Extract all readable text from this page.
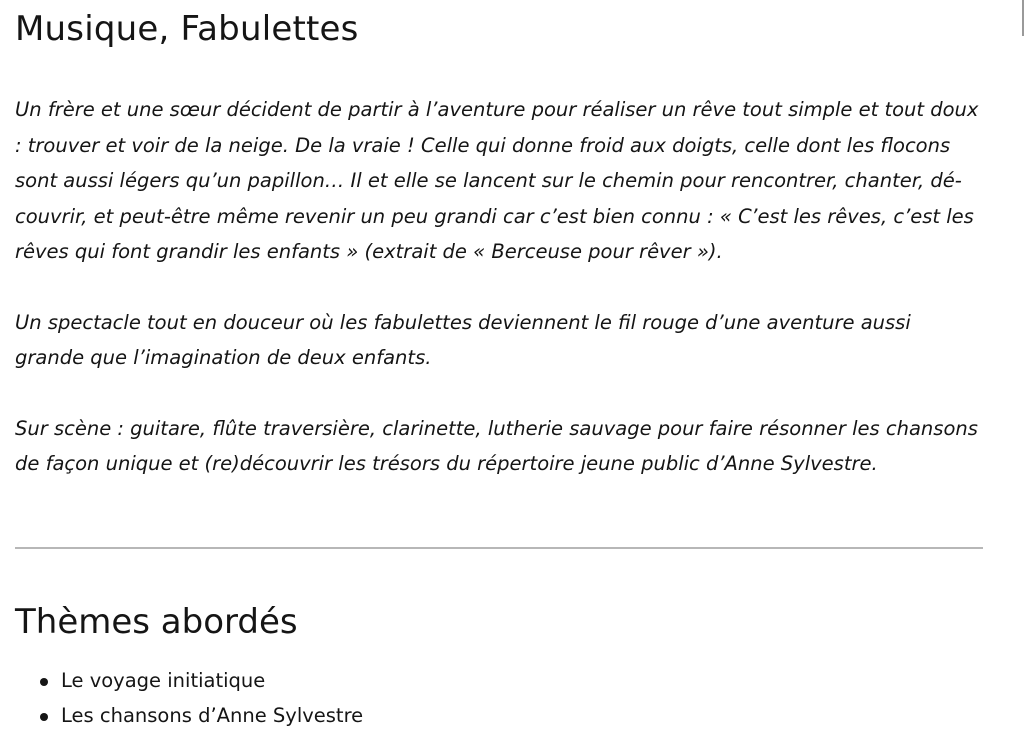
Musique, Fabulettes

Un frère et une sœur décident de partir à l’aventure pour réaliser un rêve tout simple et tout doux : trouver et voir de la neige. De la vraie ! Celle qui donne froid aux doigts, celle dont les flocons sont aussi légers qu’un papillon… Il et elle se lancent sur le chemin pour rencontrer, chanter, dé-couvrir, et peut-être même revenir un peu grandi car c’est bien connu : « C’est les rêves, c’est les rêves qui font grandir les enfants » (extrait de « Berceuse pour rêver »).

Un spectacle tout en douceur où les fabulettes deviennent le fil rouge d’une aventure aussi grande que l’imagination de deux enfants.

Sur scène : guitare, flûte traversière, clarinette, lutherie sauvage pour faire résonner les chansons de façon unique et (re)découvrir les trésors du répertoire jeune public d’Anne Sylvestre.

Thèmes abordés
Le voyage initiatique
Les chansons d’Anne Sylvestre
